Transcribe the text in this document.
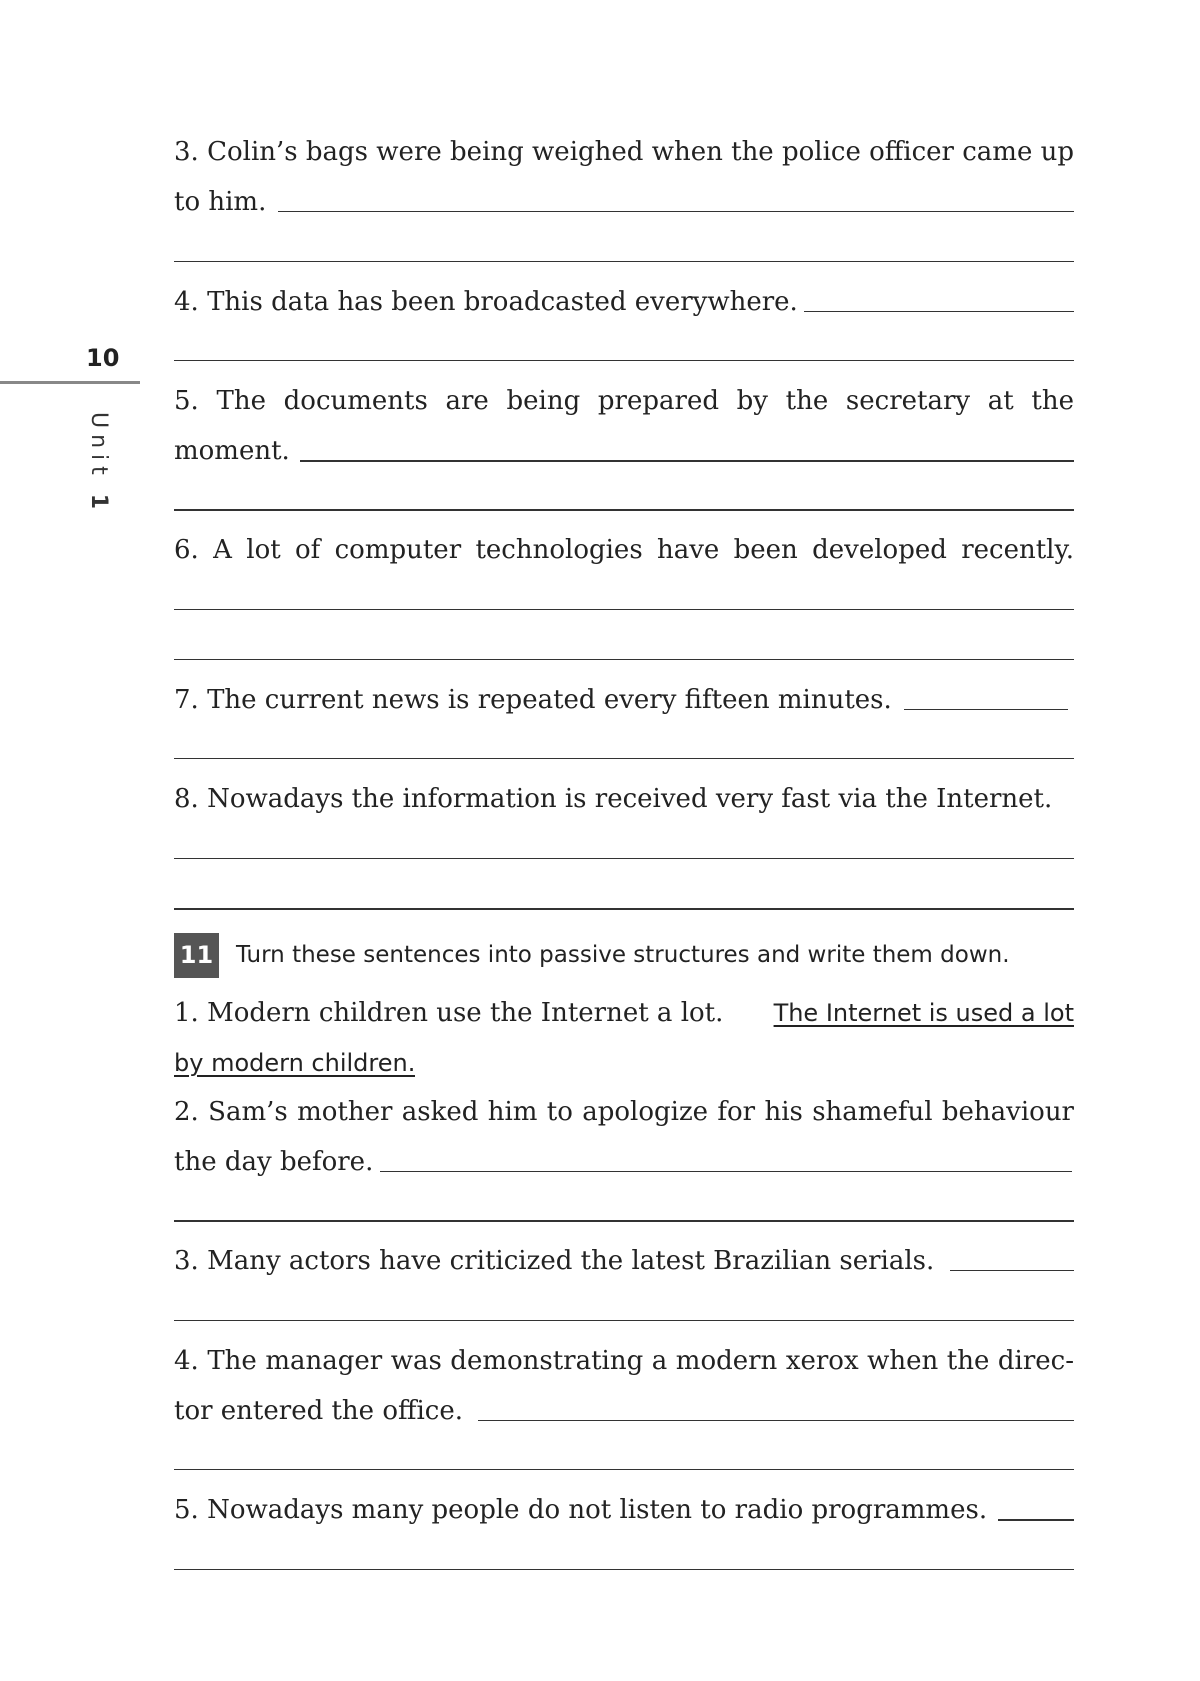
10
Unit 1
3. Colin’s bags were being weighed when the police officer came up
to him.
4. This data has been broadcasted everywhere.
5. The documents are being prepared by the secretary at the
moment.
6. A lot of computer technologies have been developed recently.
7. The current news is repeated every fifteen minutes.
8. Nowadays the information is received very fast via the Internet.
11 Turn these sentences into passive structures and write them down.
1. Modern children use the Internet a lot. The Internet is used a lot
by modern children.
2. Sam’s mother asked him to apologize for his shameful behaviour
the day before.
3. Many actors have criticized the latest Brazilian serials.
4. The manager was demonstrating a modern xerox when the direc-
tor entered the office.
5. Nowadays many people do not listen to radio programmes.
